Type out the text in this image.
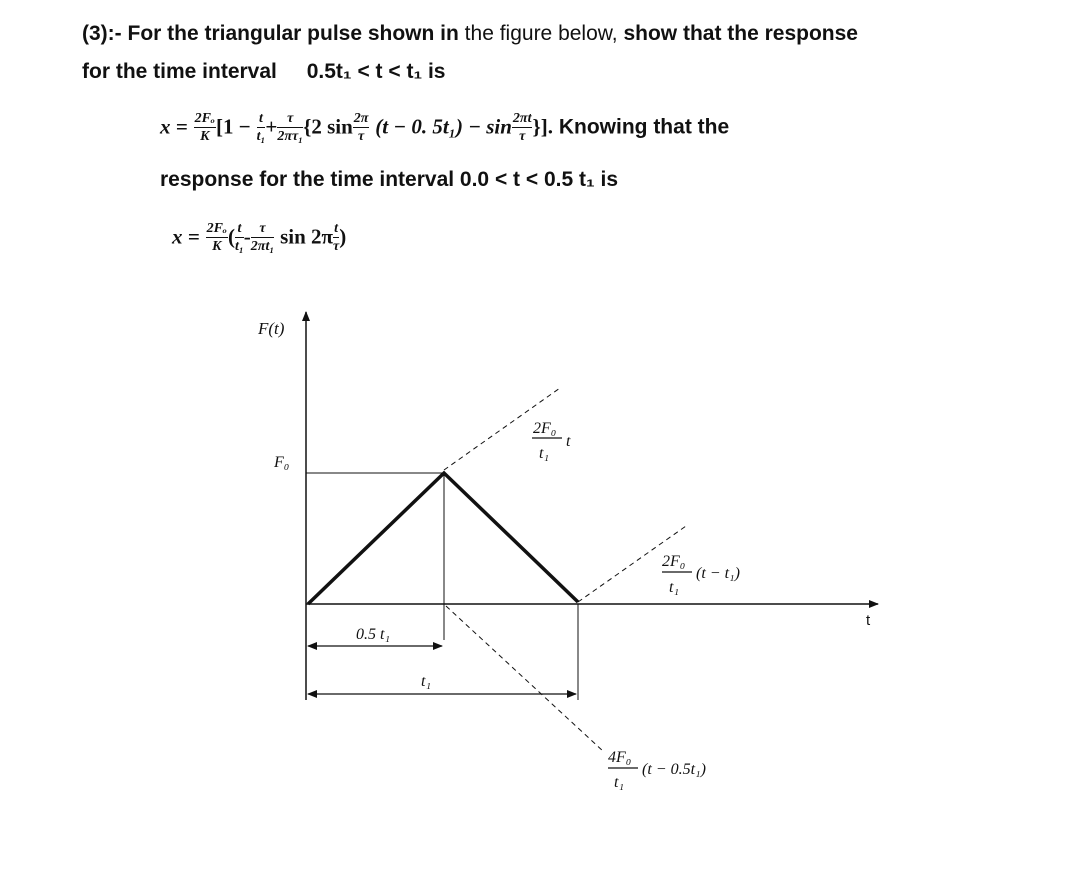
(3):- For the triangular pulse shown in the figure below, show that the response
for the time interval 0.5t₁ < t < t₁ is
$x = \frac{\text{2Fₒ}}{K} [1 - \frac{t}{\text{t₁}} + \frac{\tau}{\text{2πτ₁}} \{2$ $\sin \frac{2\pi}{\tau} (t - 0$. $5t_1) - \sin \frac{2\pi t}{\tau}$ }]. Knowing that the
response for the time interval 0.0 < t < 0.5 t₁ is
$x = \frac{\text{2Fₒ}}{K}$ ( $\frac{t}{\text{t₁}} - \frac{\tau}{\text{2πt₁}}$ $\sin 2\pi \frac{t}{\tau}$ )
F(t)
t
F₀
2F₀
t₁
t
2F₀
t₁
(t − t₁)
4F₀
t₁
(t − 0.5t₁)
0.5 t₁
t₁
